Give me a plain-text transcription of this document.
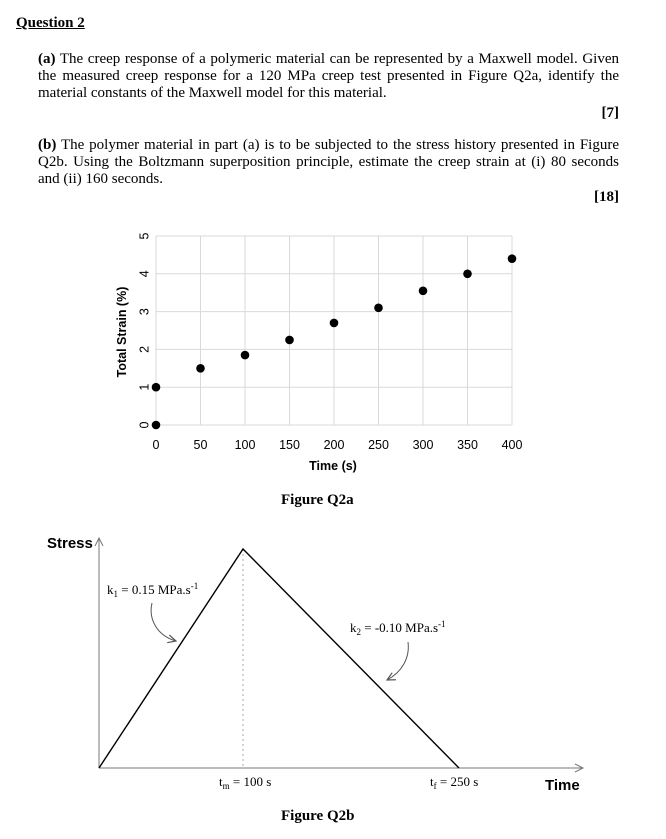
Question 2
(a) The creep response of a polymeric material can be represented by a Maxwell model. Given the measured creep response for a 120 MPa creep test presented in Figure Q2a, identify the material constants of the Maxwell model for this material.
[7]
(b) The polymer material in part (a) is to be subjected to the stress history presented in Figure Q2b. Using the Boltzmann superposition principle, estimate the creep strain at (i) 80 seconds and (ii) 160 seconds.
[18]
0
1
2
3
4
5
0	50 100 150 200 250 300 350 400
Time (s)
Total Strain (%)
Figure Q2a
Stress
Time
$k_1 = 0.15$ $MPa.s^{-1}$
$k_2 = -0.10$ $MPa.s^{-1}$
$t_m = 100$ s	$t_f = 250$ s
Figure Q2b
